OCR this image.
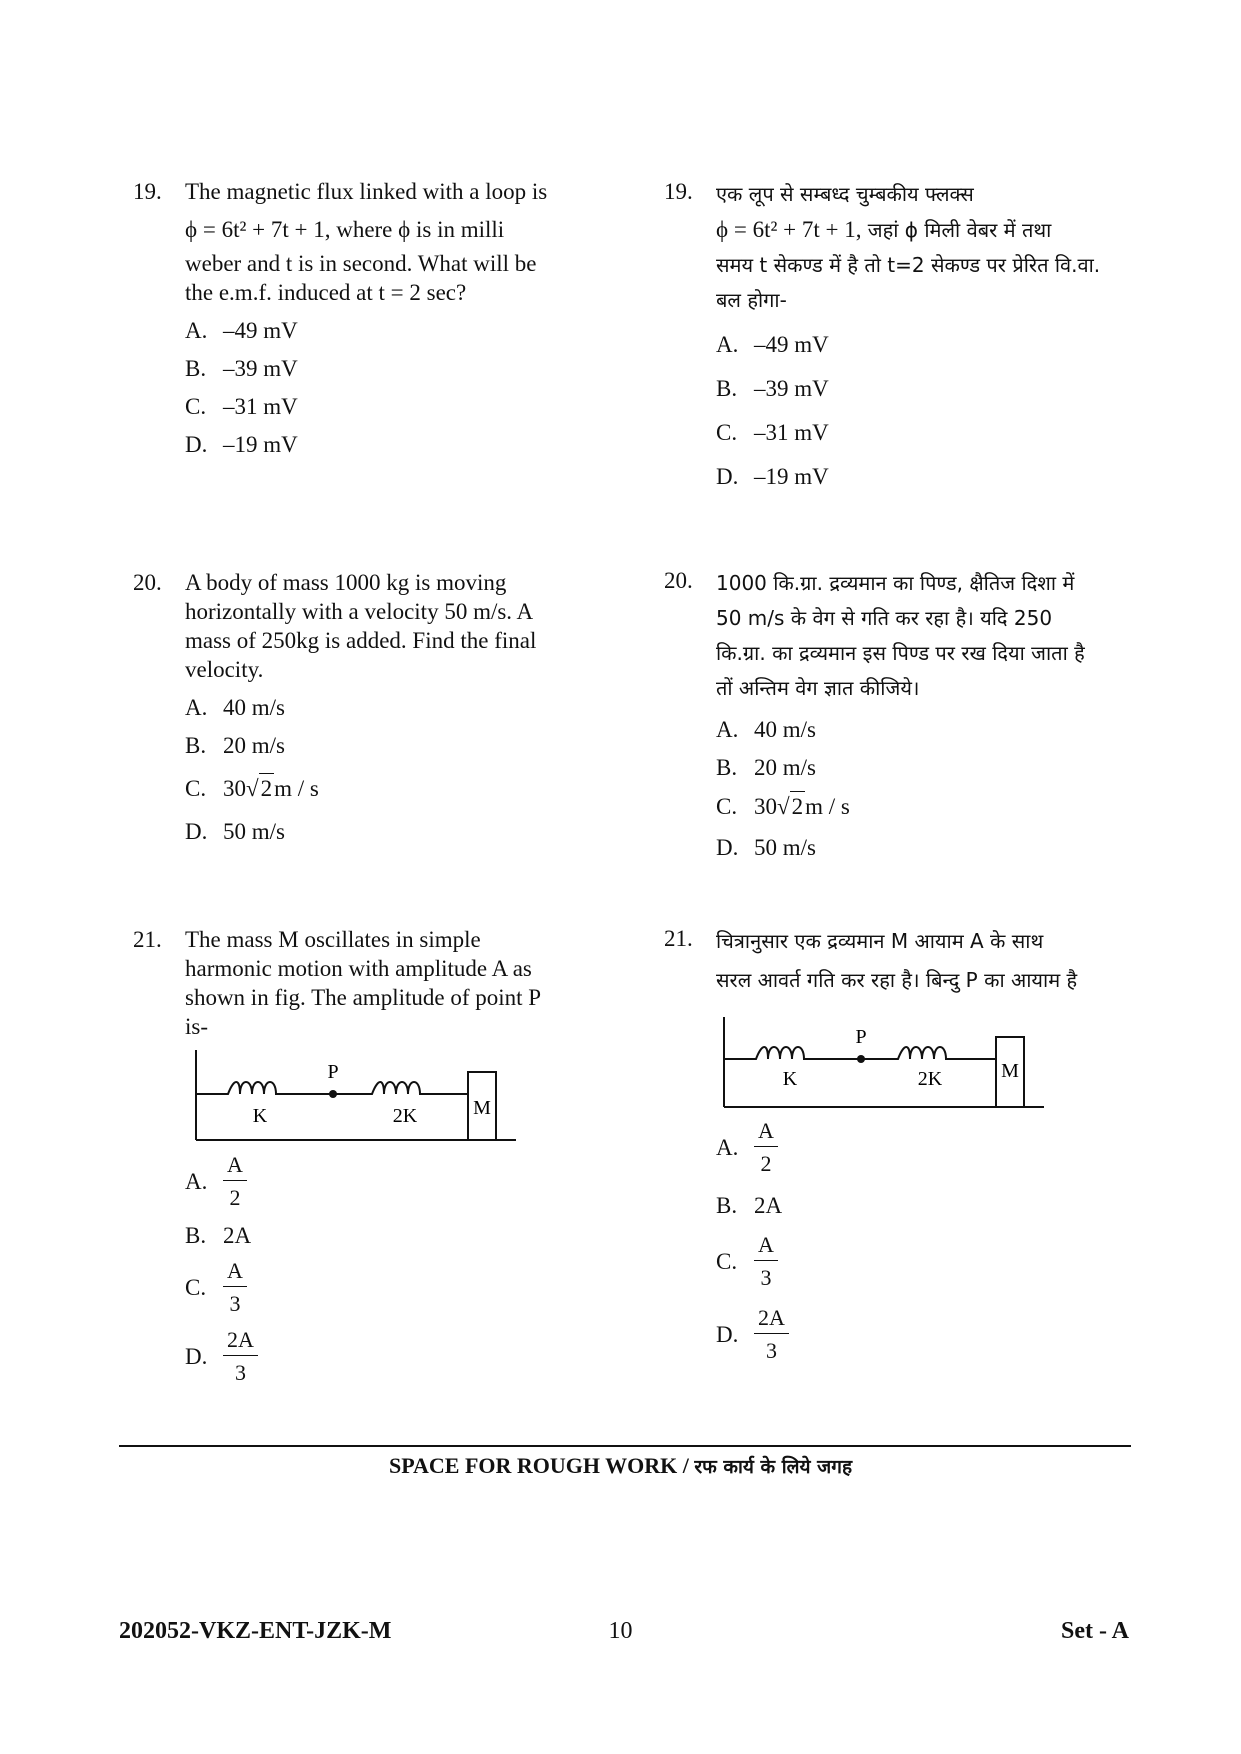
19. The magnetic flux linked with a loop is
ϕ = 6t² + 7t + 1, where ϕ is in milli
weber and t is in second. What will be
the e.m.f. induced at t = 2 sec?
A. –49 mV
B. –39 mV
C. –31 mV
D. –19 mV
19. एक लूप से सम्बध्द चुम्बकीय फ्लक्स
ϕ = 6t² + 7t + 1, जहां ϕ मिली वेबर में तथा
समय t सेकण्ड में है तो t=2 सेकण्ड पर प्रेरित वि.वा.
बल होगा-
A. –49 mV
B. –39 mV
C. –31 mV
D. –19 mV
20. A body of mass 1000 kg is moving
horizontally with a velocity 50 m/s. A
mass of 250kg is added. Find the final
velocity.
A. 40 m/s
B. 20 m/s
C. 30 √ 2 m / s
D. 50 m/s
20. 1000 कि.ग्रा. द्रव्यमान का पिण्ड, क्षैतिज दिशा में
50 m/s के वेग से गति कर रहा है। यदि 250
कि.ग्रा. का द्रव्यमान इस पिण्ड पर रख दिया जाता है
तों अन्तिम वेग ज्ञात कीजिये।
A. 40 m/s
B. 20 m/s
C. 30 √ 2 m / s
D. 50 m/s
21. The mass M oscillates in simple
harmonic motion with amplitude A as
shown in fig. The amplitude of point P
is-
P
K	2K	M
A. $\frac{A}{2}$
B. 2A
C. $\frac{A}{3}$
D. $\frac{2A}{3}$
21. चित्रानुसार एक द्रव्यमान M आयाम A के साथ
सरल आवर्त गति कर रहा है। बिन्दु P का आयाम है
P
K	2K	M
A. $\frac{A}{2}$
B. 2A
C. $\frac{A}{3}$
D. $\frac{2A}{3}$
SPACE FOR ROUGH WORK / रफ कार्य के लिये जगह
202052-VKZ-ENT-JZK-M	10	Set - A
